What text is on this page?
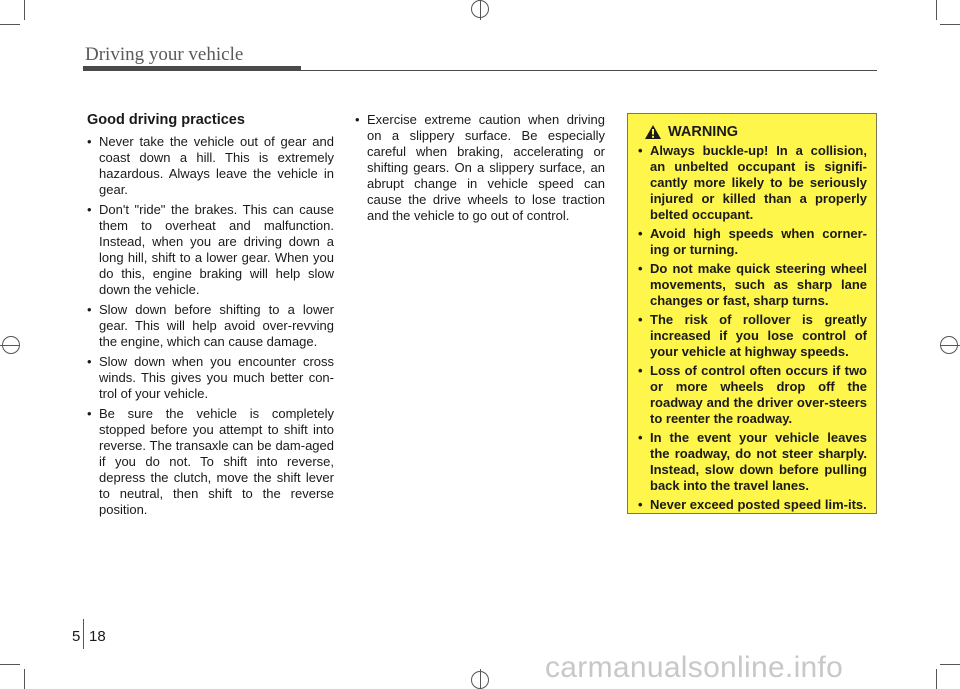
Driving your vehicle
Good driving practices
• Never take the vehicle out of gear and coast down a hill. This is extremely hazardous. Always leave the vehicle in gear.
• Don't "ride" the brakes. This can cause them to overheat and malfunction. Instead, when you are driving down a long hill, shift to a lower gear. When you do this, engine braking will help slow down the vehicle.
• Slow down before shifting to a lower gear. This will help avoid over-revving the engine, which can cause damage.
• Slow down when you encounter cross winds. This gives you much better con-trol of your vehicle.
• Be sure the vehicle is completely stopped before you attempt to shift into reverse. The transaxle can be dam-aged if you do not. To shift into reverse, depress the clutch, move the shift lever to neutral, then shift to the reverse position.
• Exercise extreme caution when driving on a slippery surface. Be especially careful when braking, accelerating or shifting gears. On a slippery surface, an abrupt change in vehicle speed can cause the drive wheels to lose traction and the vehicle to go out of control.
WARNING
• Always buckle-up! In a collision, an unbelted occupant is signifi-cantly more likely to be seriously injured or killed than a properly belted occupant.
• Avoid high speeds when corner-ing or turning.
• Do not make quick steering wheel movements, such as sharp lane changes or fast, sharp turns.
• The risk of rollover is greatly increased if you lose control of your vehicle at highway speeds.
• Loss of control often occurs if two or more wheels drop off the roadway and the driver over-steers to reenter the roadway.
• In the event your vehicle leaves the roadway, do not steer sharply. Instead, slow down before pulling back into the travel lanes.
• Never exceed posted speed lim-its.
5 18
carmanualsonline.info
